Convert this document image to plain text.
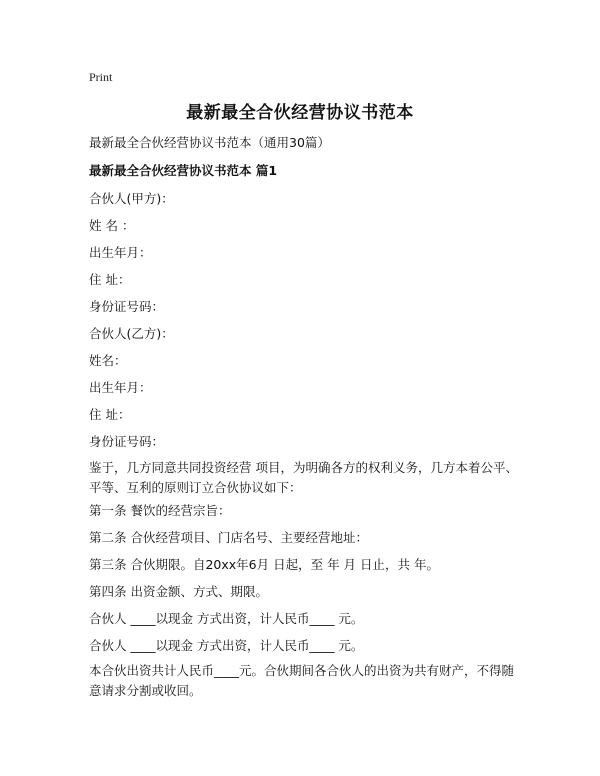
Print
最新最全合伙经营协议书范本
最新最全合伙经营协议书范本（通用30篇）
最新最全合伙经营协议书范本 篇1
合伙人(甲方)：
姓 名 ：
出生年月：
住 址：
身份证号码：
合伙人(乙方)：
姓名：
出生年月：
住 址：
身份证号码：
鉴于，几方同意共同投资经营 项目，为明确各方的权利义务，几方本着公平、平等、互利的原则订立合伙协议如下：
第一条 餐饮的经营宗旨：
第二条 合伙经营项目、门店名号、主要经营地址：
第三条 合伙期限。自20xx年6月 日起，至 年 月 日止，共 年。
第四条 出资金额、方式、期限。
合伙人 ____以现金 方式出资，计人民币____ 元。
合伙人 ____以现金 方式出资，计人民币____ 元。
本合伙出资共计人民币____元。合伙期间各合伙人的出资为共有财产，不得随意请求分割或收回。
